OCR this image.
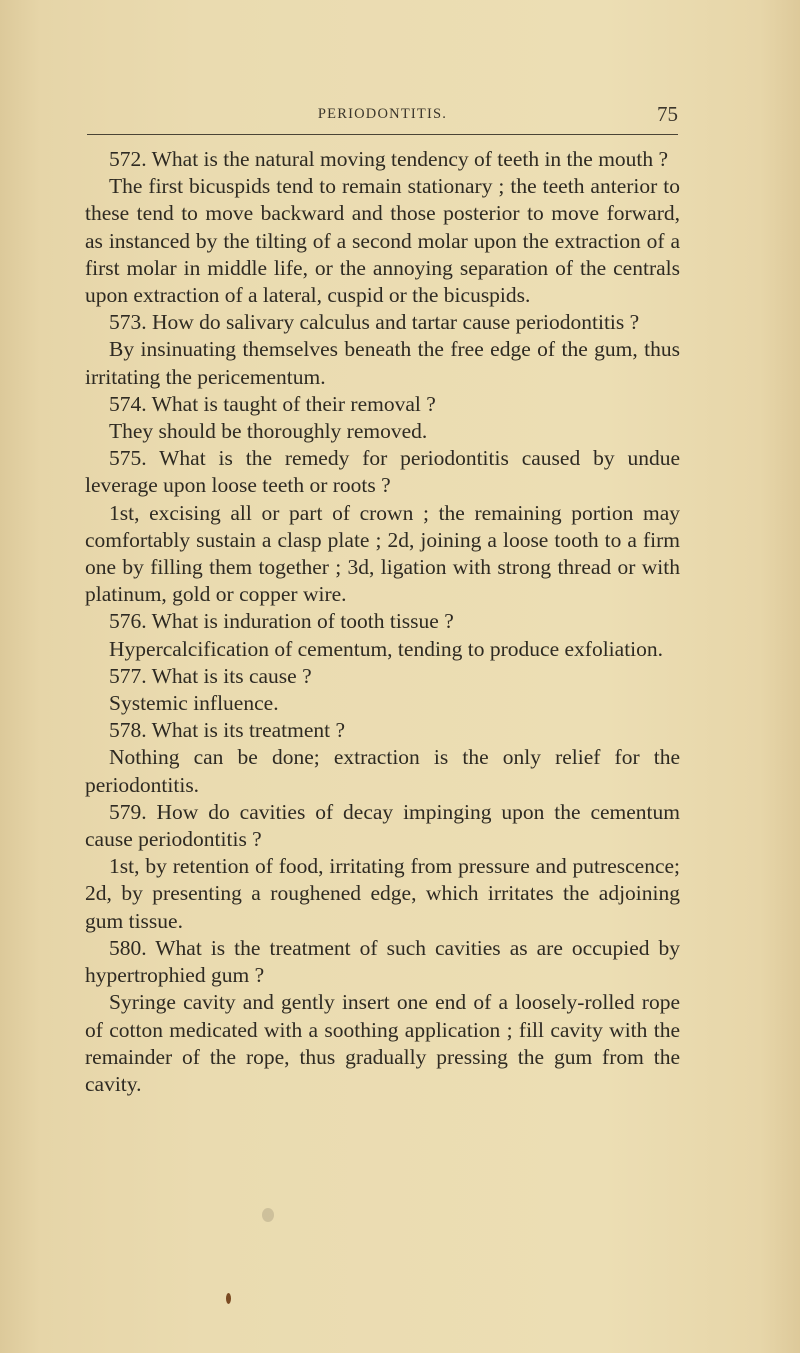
PERIODONTITIS.	75

572. What is the natural moving tendency of teeth in the mouth ?

The first bicuspids tend to remain stationary ; the teeth anterior to these tend to move backward and those posterior to move forward, as instanced by the tilting of a second molar upon the extraction of a first molar in middle life, or the annoying separation of the centrals upon extraction of a lateral, cuspid or the bicuspids.

573. How do salivary calculus and tartar cause periodontitis ?

By insinuating themselves beneath the free edge of the gum, thus irritating the pericementum.

574. What is taught of their removal ?

They should be thoroughly removed.

575. What is the remedy for periodontitis caused by undue leverage upon loose teeth or roots ?

1st, excising all or part of crown ; the remaining portion may comfortably sustain a clasp plate ; 2d, joining a loose tooth to a firm one by filling them together ; 3d, ligation with strong thread or with platinum, gold or copper wire.

576. What is induration of tooth tissue ?

Hypercalcification of cementum, tending to produce exfoliation.

577. What is its cause ?

Systemic influence.

578. What is its treatment ?

Nothing can be done; extraction is the only relief for the periodontitis.

579. How do cavities of decay impinging upon the cementum cause periodontitis ?

1st, by retention of food, irritating from pressure and putrescence; 2d, by presenting a roughened edge, which irritates the adjoining gum tissue.

580. What is the treatment of such cavities as are occupied by hypertrophied gum ?

Syringe cavity and gently insert one end of a loosely-rolled rope of cotton medicated with a soothing application ; fill cavity with the remainder of the rope, thus gradually pressing the gum from the cavity.
